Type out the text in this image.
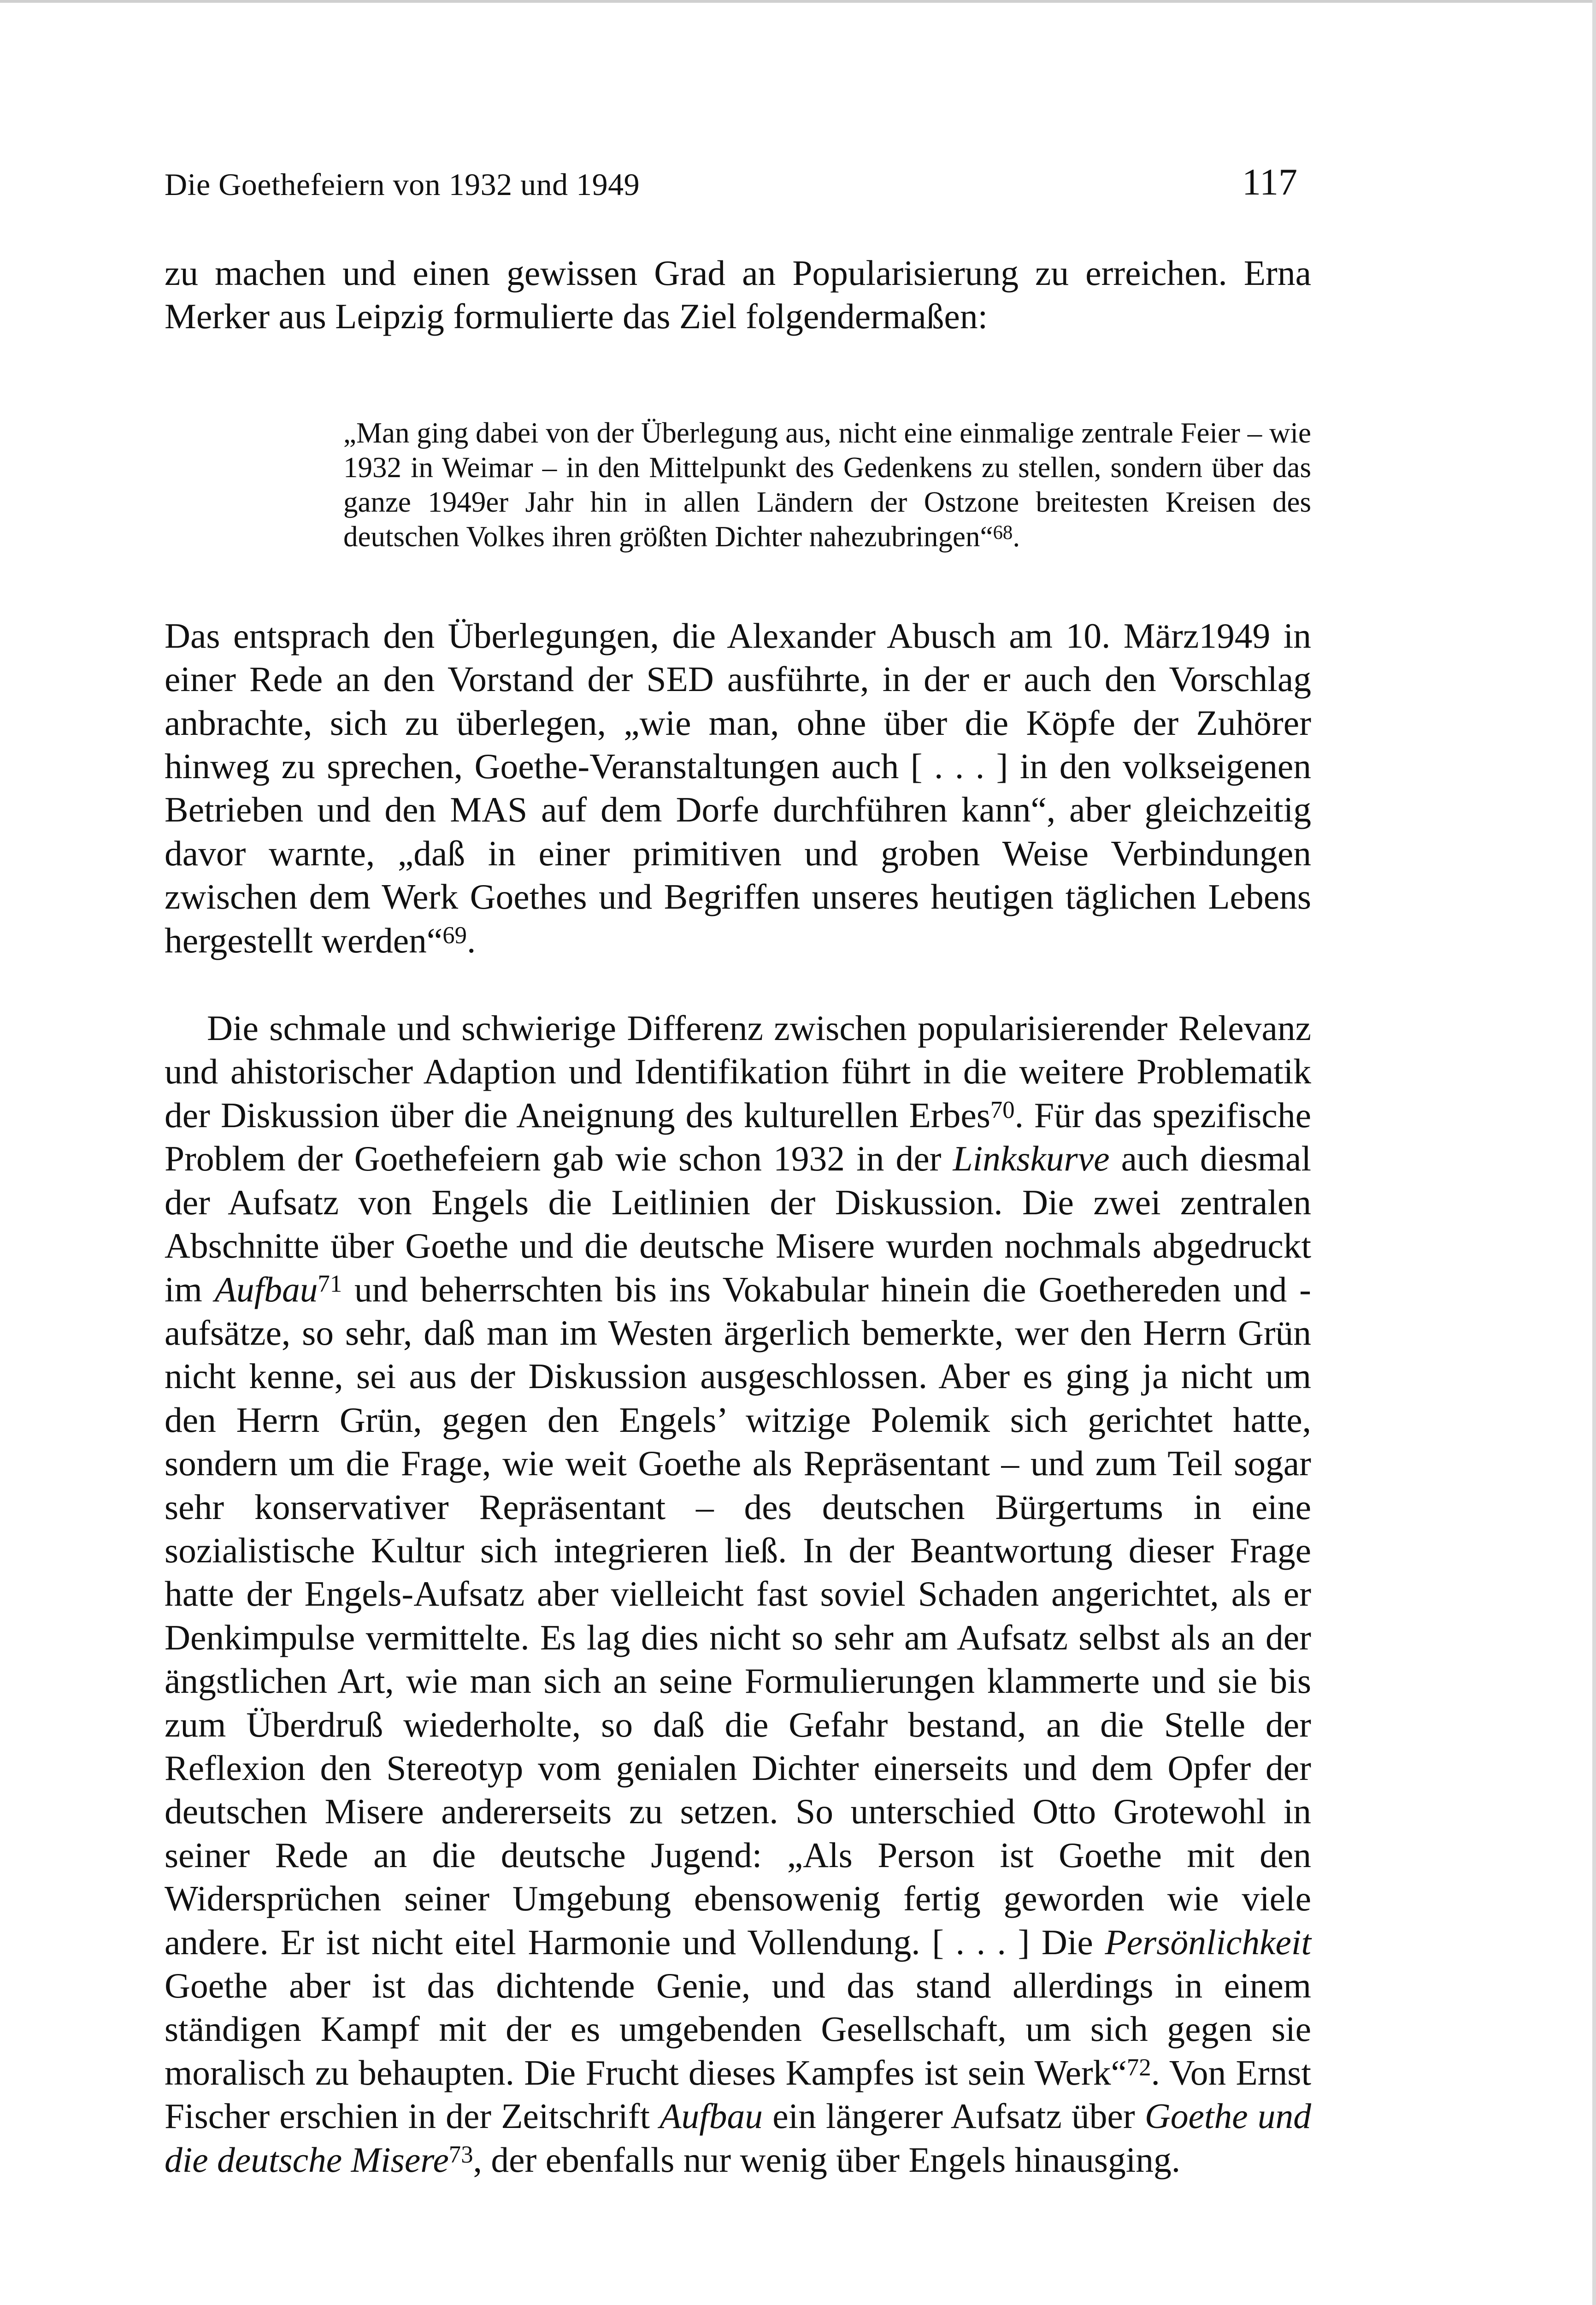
Die Goethefeiern von 1932 und 1949	117

zu machen und einen gewissen Grad an Popularisierung zu erreichen. Erna Merker aus Leipzig formulierte das Ziel folgendermaßen:

„Man ging dabei von der Überlegung aus, nicht eine einmalige zentrale Feier – wie 1932 in Weimar – in den Mittelpunkt des Gedenkens zu stellen, sondern über das ganze 1949er Jahr hin in allen Ländern der Ostzone breitesten Kreisen des deutschen Volkes ihren größten Dichter nahezubringen“$^{68}$.

Das entsprach den Überlegungen, die Alexander Abusch am 10. März1949 in einer Rede an den Vorstand der SED ausführte, in der er auch den Vorschlag anbrachte, sich zu überlegen, „wie man, ohne über die Köpfe der Zuhörer hinweg zu sprechen, Goethe-Veranstaltungen auch [ . . . ] in den volkseigenen Betrieben und den MAS auf dem Dorfe durchführen kann“, aber gleichzeitig davor warnte, „daß in einer primitiven und groben Weise Verbindungen zwischen dem Werk Goethes und Begriffen unseres heutigen täglichen Lebens hergestellt werden“$^{69}$.

Die schmale und schwierige Differenz zwischen popularisierender Relevanz und ahistorischer Adaption und Identifikation führt in die weitere Problematik der Diskussion über die Aneignung des kulturellen Erbes$^{70}$. Für das spezifische Problem der Goethefeiern gab wie schon 1932 in der Linkskurve auch diesmal der Aufsatz von Engels die Leitlinien der Diskussion. Die zwei zentralen Abschnitte über Goethe und die deutsche Misere wurden nochmals abgedruckt im Aufbau$^{71}$ und beherrschten bis ins Vokabular hinein die Goethereden und -aufsätze, so sehr, daß man im Westen ärgerlich bemerkte, wer den Herrn Grün nicht kenne, sei aus der Diskussion ausgeschlossen. Aber es ging ja nicht um den Herrn Grün, gegen den Engels’ witzige Polemik sich gerichtet hatte, sondern um die Frage, wie weit Goethe als Repräsentant – und zum Teil sogar sehr konservativer Repräsentant – des deutschen Bürgertums in eine sozialistische Kultur sich integrieren ließ. In der Beantwortung dieser Frage hatte der Engels-Aufsatz aber vielleicht fast soviel Schaden angerichtet, als er Denkimpulse vermittelte. Es lag dies nicht so sehr am Aufsatz selbst als an der ängstlichen Art, wie man sich an seine Formulierungen klammerte und sie bis zum Überdruß wiederholte, so daß die Gefahr bestand, an die Stelle der Reflexion den Stereotyp vom genialen Dichter einerseits und dem Opfer der deutschen Misere andererseits zu setzen. So unterschied Otto Grotewohl in seiner Rede an die deutsche Jugend: „Als Person ist Goethe mit den Widersprüchen seiner Umgebung ebensowenig fertig geworden wie viele andere. Er ist nicht eitel Harmonie und Vollendung. [ . . . ] Die Persönlichkeit Goethe aber ist das dichtende Genie, und das stand allerdings in einem ständigen Kampf mit der es umgebenden Gesellschaft, um sich gegen sie moralisch zu behaupten. Die Frucht dieses Kampfes ist sein Werk“$^{72}$. Von Ernst Fischer erschien in der Zeitschrift Aufbau ein längerer Aufsatz über Goethe und die deutsche Misere$^{73}$, der ebenfalls nur wenig über Engels hinausging.
